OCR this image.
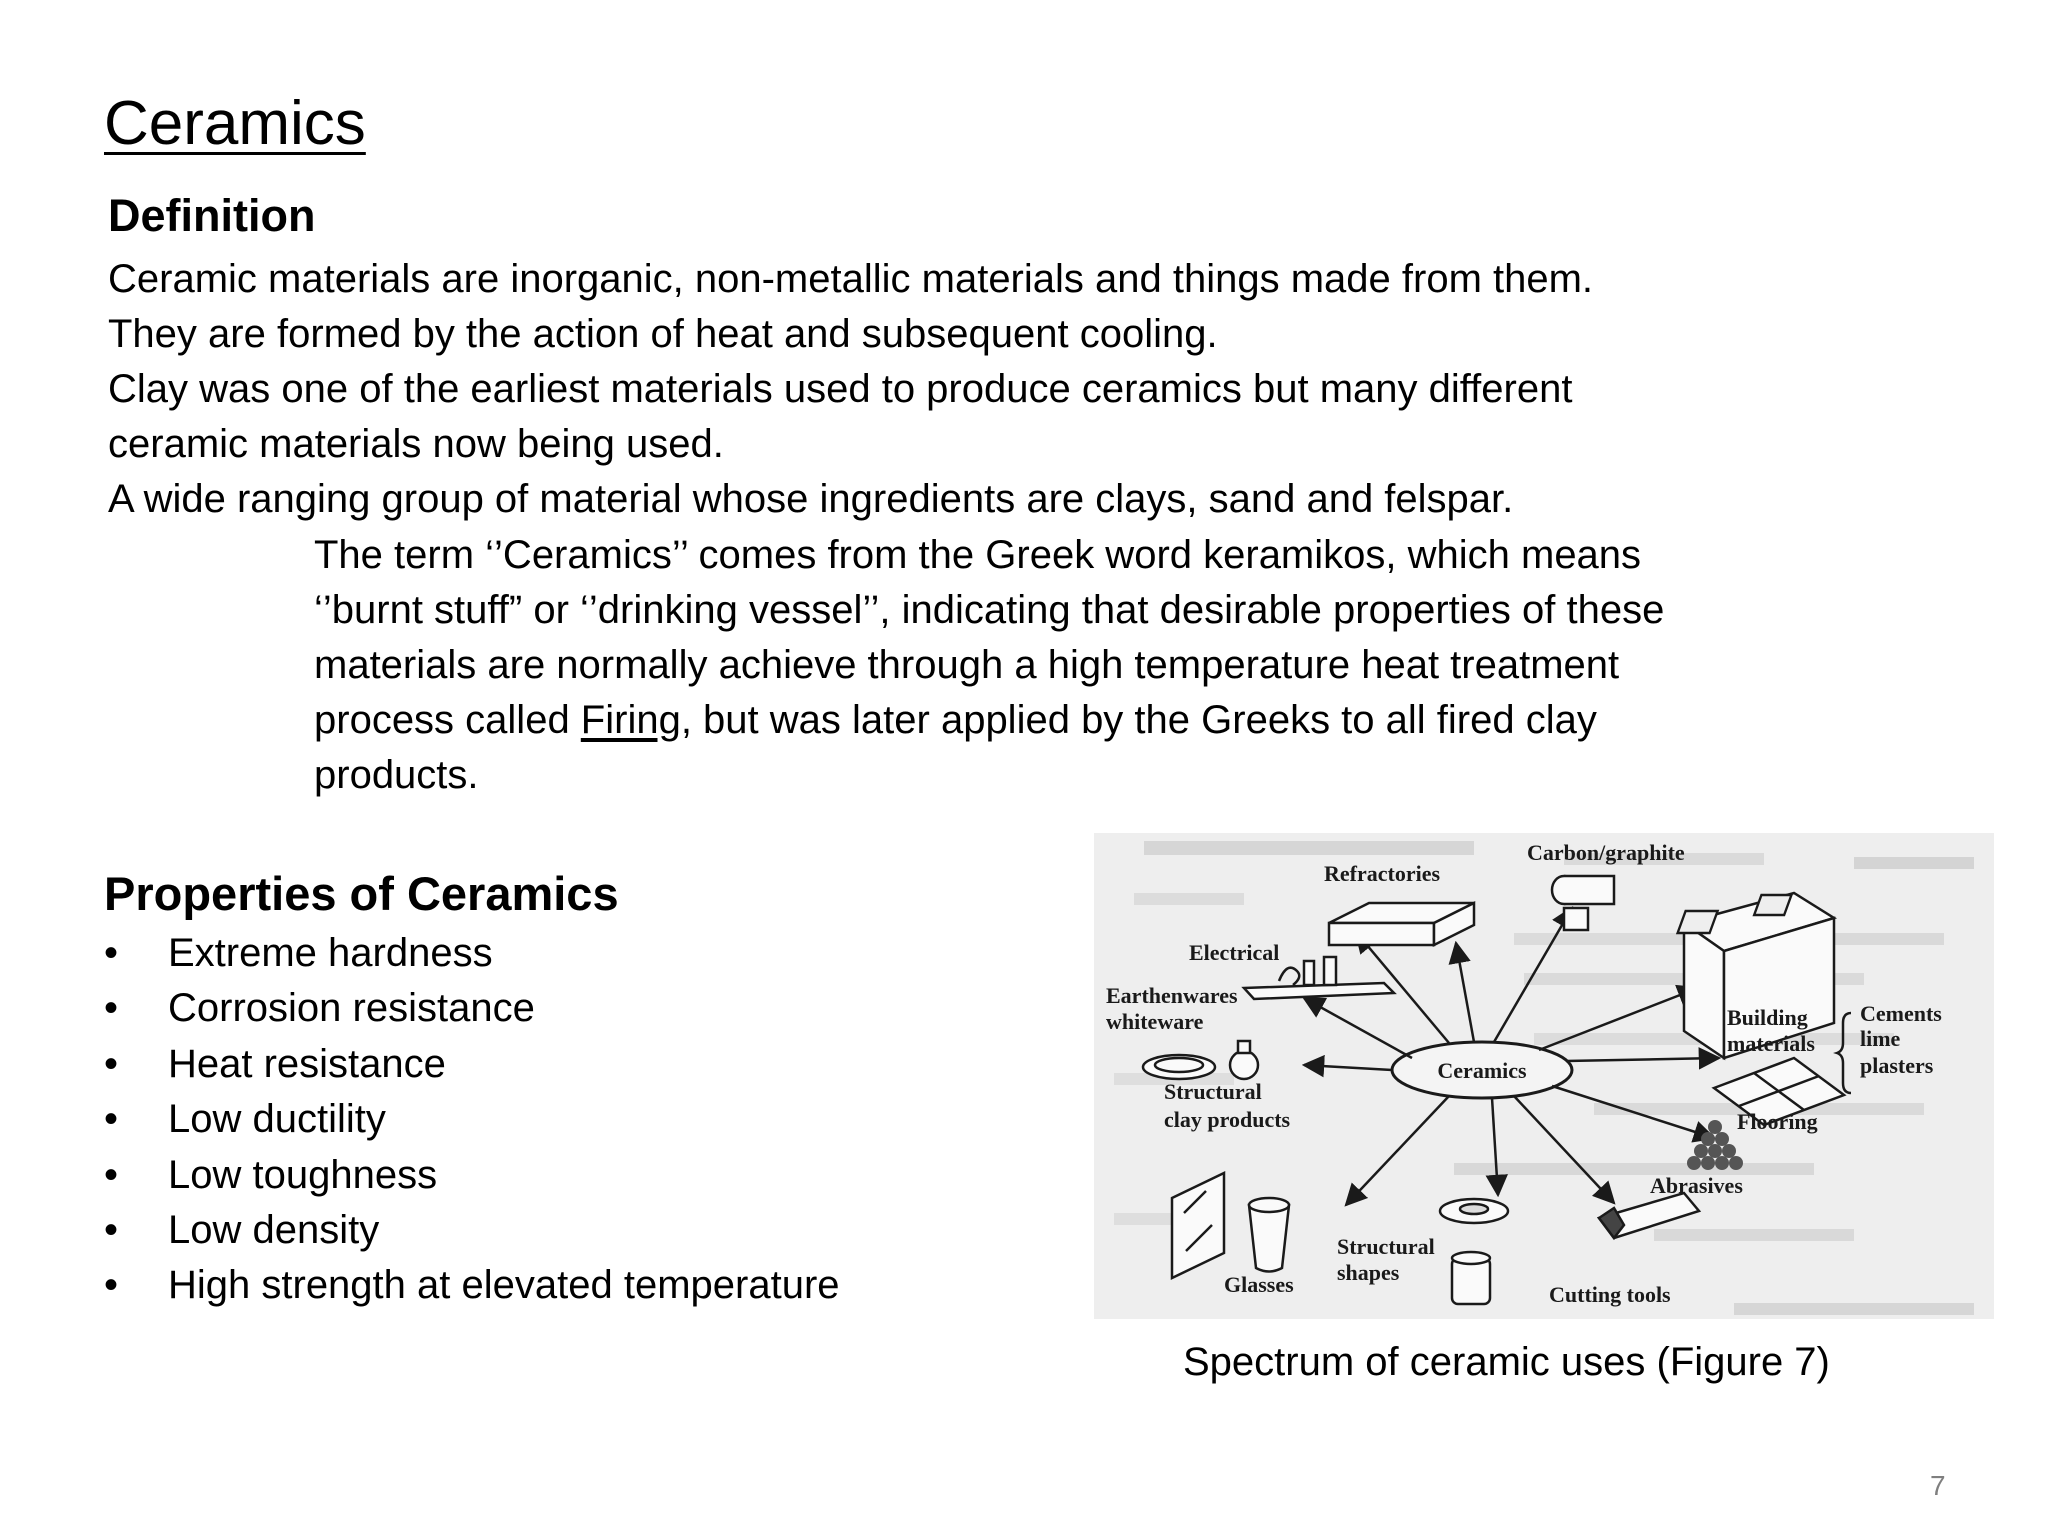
Ceramics
Definition
Ceramic materials are inorganic, non-metallic materials and things made from them.
They are formed by the action of heat and subsequent cooling.
Clay was one of the earliest materials used to produce ceramics but many different
ceramic materials now being used.
A wide ranging group of material whose ingredients are clays, sand and felspar.
The term ‘’Ceramics’’ comes from the Greek word keramikos, which means
‘’burnt stuff” or ‘’drinking vessel’’, indicating that desirable properties of these
materials are normally achieve through a high temperature heat treatment
process called Firing, but was later applied by the Greeks to all fired clay
products.
Properties of Ceramics
• Extreme hardness
• Corrosion resistance
• Heat resistance
• Low ductility
• Low toughness
• Low density
• High strength at elevated temperature
Ceramics
Carbon/graphite
Refractories
Electrical
Earthenwares
whiteware	Building
materials
Cements
lime
plasters
Structural
clay products	Flooring
Abrasives
Glasses
Structural
shapes
Cutting tools
Spectrum of ceramic uses (Figure 7)
7
